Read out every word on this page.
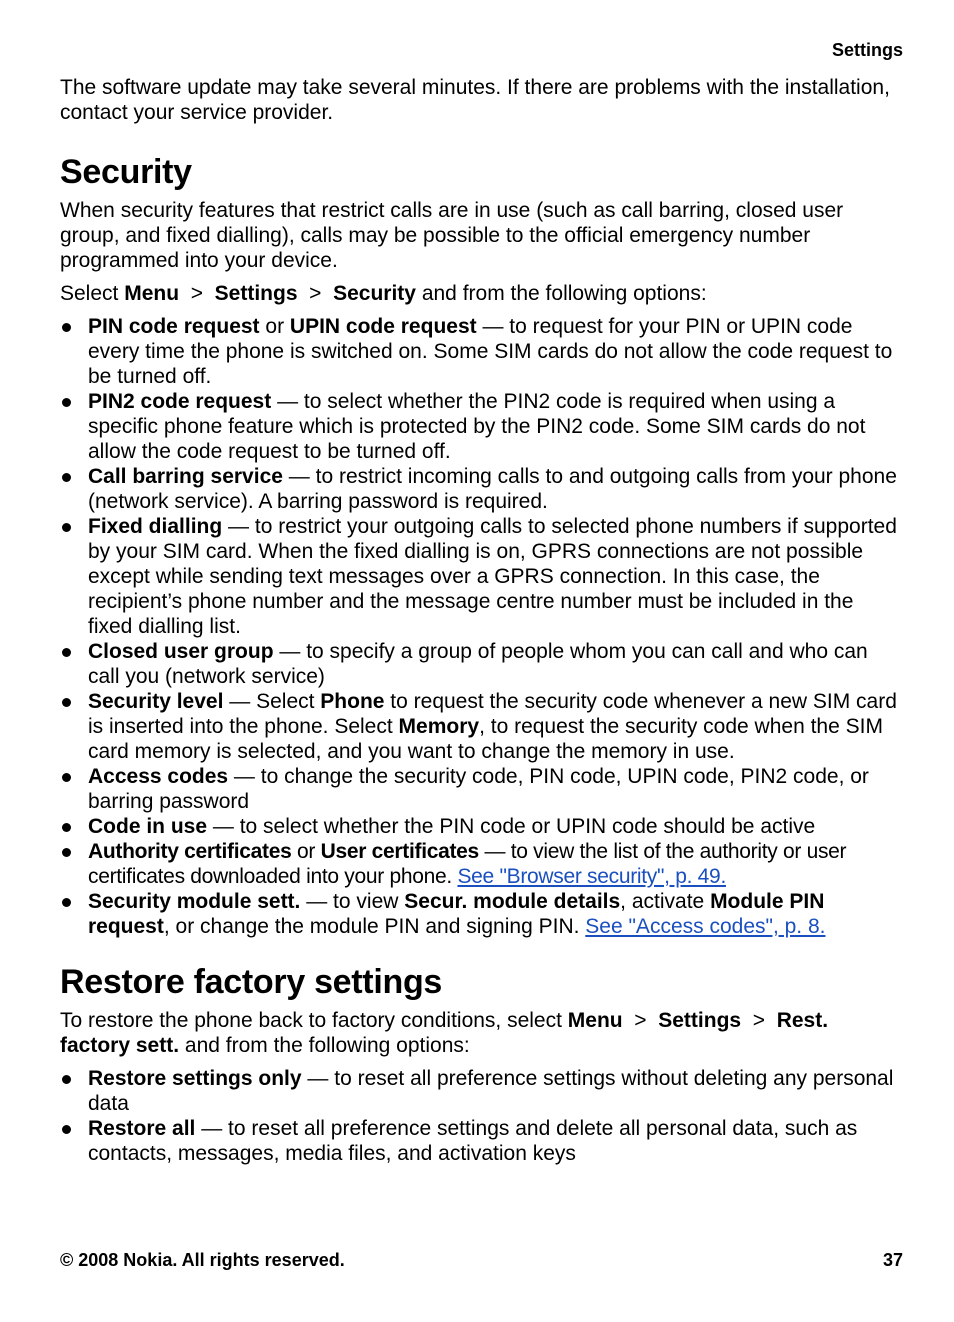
Settings

The software update may take several minutes. If there are problems with the installation, contact your service provider.

Security

When security features that restrict calls are in use (such as call barring, closed user group, and fixed dialling), calls may be possible to the official emergency number programmed into your device.

Select Menu > Settings > Security and from the following options:

PIN code request or UPIN code request — to request for your PIN or UPIN code every time the phone is switched on. Some SIM cards do not allow the code request to be turned off.
PIN2 code request — to select whether the PIN2 code is required when using a specific phone feature which is protected by the PIN2 code. Some SIM cards do not allow the code request to be turned off.
Call barring service — to restrict incoming calls to and outgoing calls from your phone (network service). A barring password is required.
Fixed dialling — to restrict your outgoing calls to selected phone numbers if supported by your SIM card. When the fixed dialling is on, GPRS connections are not possible except while sending text messages over a GPRS connection. In this case, the recipient’s phone number and the message centre number must be included in the fixed dialling list.
Closed user group — to specify a group of people whom you can call and who can call you (network service)
Security level — Select Phone to request the security code whenever a new SIM card is inserted into the phone. Select Memory, to request the security code when the SIM card memory is selected, and you want to change the memory in use.
Access codes — to change the security code, PIN code, UPIN code, PIN2 code, or barring password
Code in use — to select whether the PIN code or UPIN code should be active
Authority certificates or User certificates — to view the list of the authority or user certificates downloaded into your phone. See "Browser security", p. 49.
Security module sett. — to view Secur. module details, activate Module PIN request, or change the module PIN and signing PIN. See "Access codes", p. 8.
Restore factory settings

To restore the phone back to factory conditions, select Menu > Settings > Rest. factory sett. and from the following options:

Restore settings only — to reset all preference settings without deleting any personal data
Restore all — to reset all preference settings and delete all personal data, such as contacts, messages, media files, and activation keys
© 2008 Nokia. All rights reserved.	37
